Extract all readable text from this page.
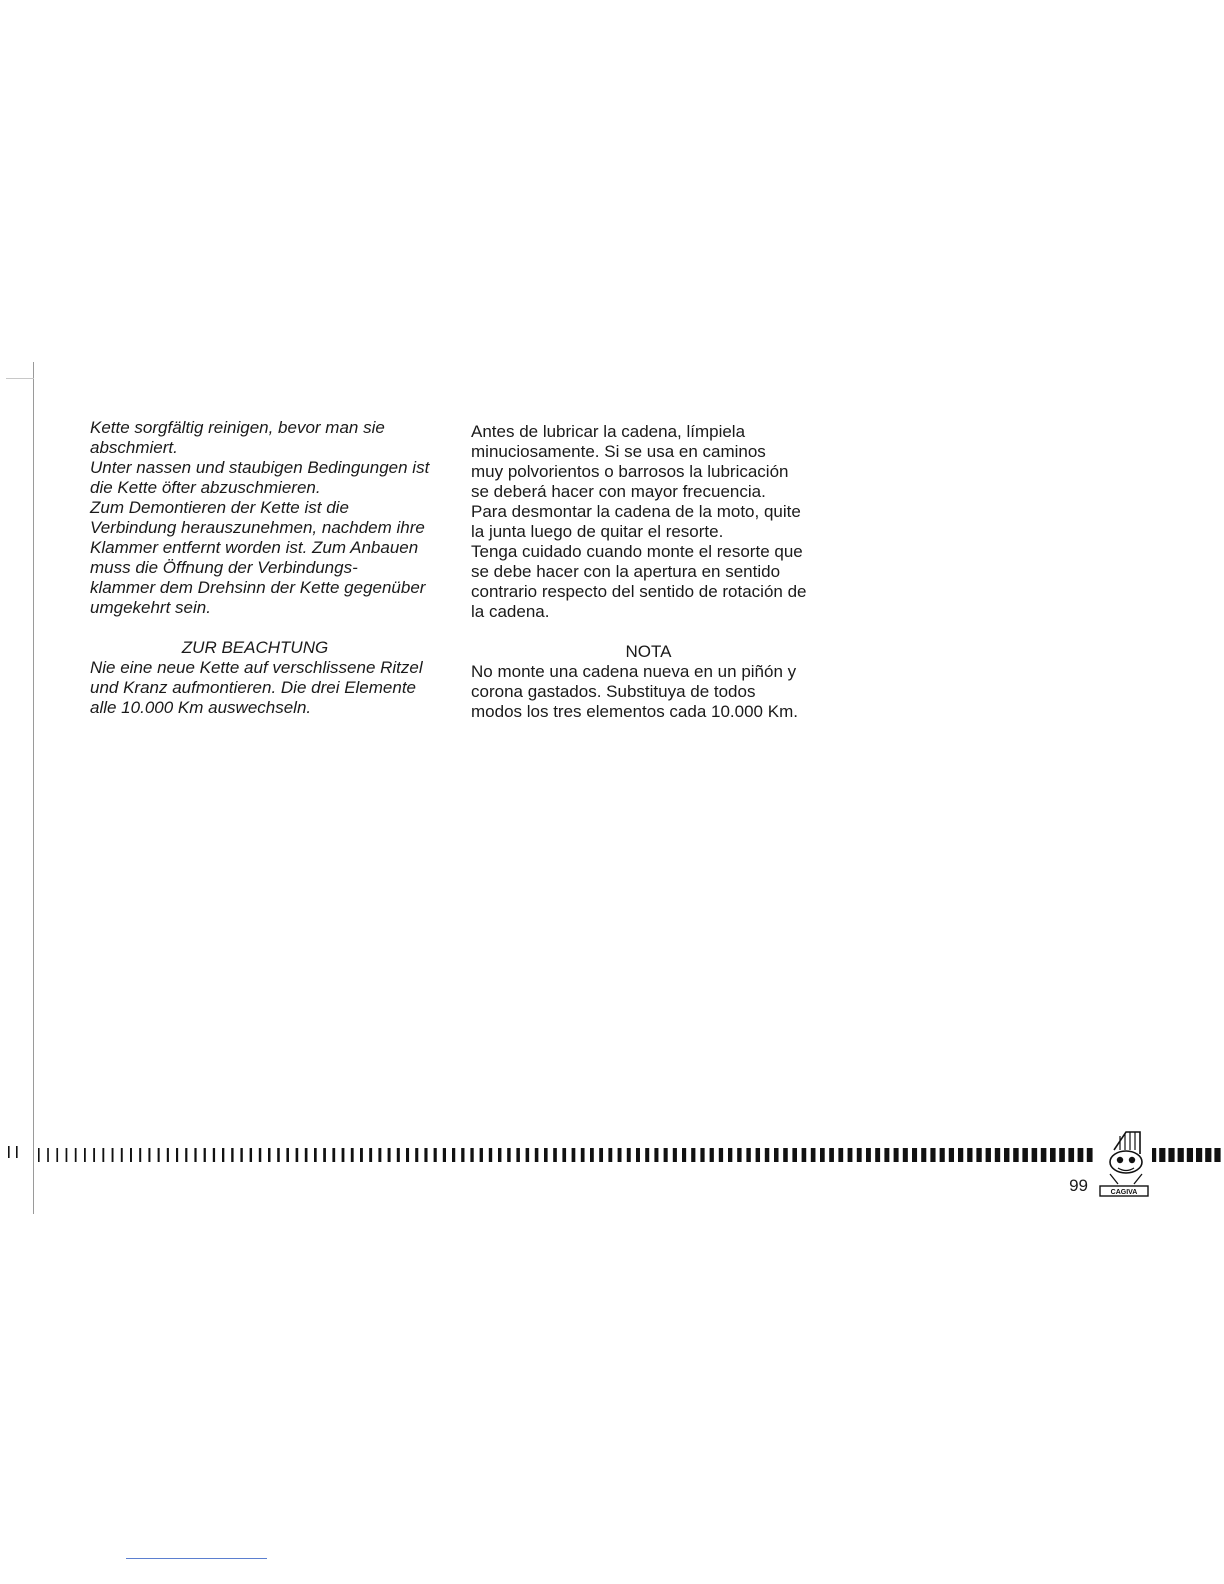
Kette sorgfältig reinigen, bevor man sie
abschmiert.
Unter nassen und staubigen Bedingungen ist
die Kette öfter abzuschmieren.
Zum Demontieren der Kette ist die
Verbindung herauszunehmen, nachdem ihre
Klammer entfernt worden ist. Zum Anbauen
muss die Öffnung der Verbindungs-
klammer dem Drehsinn der Kette gegenüber
umgekehrt sein.

ZUR BEACHTUNG

Nie eine neue Kette auf verschlissene Ritzel
und Kranz aufmontieren. Die drei Elemente
alle 10.000 Km auswechseln.

Antes de lubricar la cadena, límpiela
minuciosamente. Si se usa en caminos
muy polvorientos o barrosos la lubricación
se deberá hacer con mayor frecuencia.
Para desmontar la cadena de la moto, quite
la junta luego de quitar el resorte.
Tenga cuidado cuando monte el resorte que
se debe hacer con la apertura en sentido
contrario respecto del sentido de rotación de
la cadena.

NOTA

No monte una cadena nueva en un piñón y
corona gastados. Substituya de todos
modos los tres elementos cada 10.000 Km.

99	CAGIVA
